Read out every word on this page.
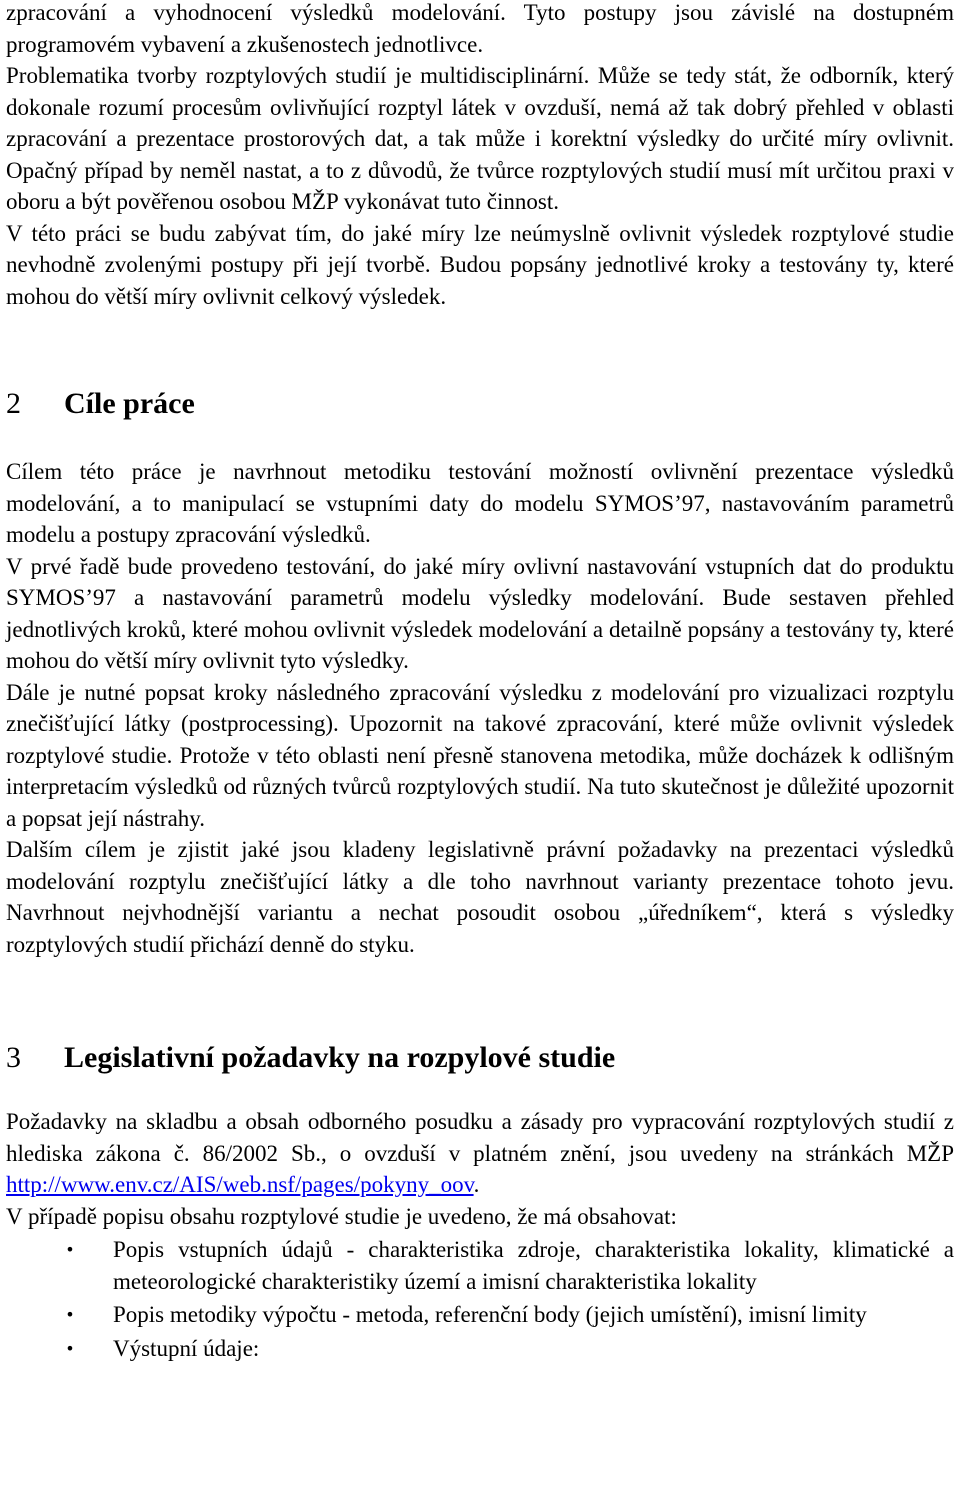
zpracování a vyhodnocení výsledků modelování. Tyto postupy jsou závislé na dostupném programovém vybavení a zkušenostech jednotlivce.

Problematika tvorby rozptylových studií je multidisciplinární. Může se tedy stát, že odborník, který dokonale rozumí procesům ovlivňující rozptyl látek v ovzduší, nemá až tak dobrý přehled v oblasti zpracování a prezentace prostorových dat, a tak může i korektní výsledky do určité míry ovlivnit. Opačný případ by neměl nastat, a to z důvodů, že tvůrce rozptylových studií musí mít určitou praxi v oboru a být pověřenou osobou MŽP vykonávat tuto činnost.

V této práci se budu zabývat tím, do jaké míry lze neúmyslně ovlivnit výsledek rozptylové studie nevhodně zvolenými postupy při její tvorbě. Budou popsány jednotlivé kroky a testovány ty, které mohou do větší míry ovlivnit celkový výsledek.

2 Cíle práce

Cílem této práce je navrhnout metodiku testování možností ovlivnění prezentace výsledků modelování, a to manipulací se vstupními daty do modelu SYMOS’97, nastavováním parametrů modelu a postupy zpracování výsledků.

V prvé řadě bude provedeno testování, do jaké míry ovlivní nastavování vstupních dat do produktu SYMOS’97 a nastavování parametrů modelu výsledky modelování. Bude sestaven přehled jednotlivých kroků, které mohou ovlivnit výsledek modelování a detailně popsány a testovány ty, které mohou do větší míry ovlivnit tyto výsledky.

Dále je nutné popsat kroky následného zpracování výsledku z modelování pro vizualizaci rozptylu znečišťující látky (postprocessing). Upozornit na takové zpracování, které může ovlivnit výsledek rozptylové studie. Protože v této oblasti není přesně stanovena metodika, může docházek k odlišným interpretacím výsledků od různých tvůrců rozptylových studií. Na tuto skutečnost je důležité upozornit a popsat její nástrahy.

Dalším cílem je zjistit jaké jsou kladeny legislativně právní požadavky na prezentaci výsledků modelování rozptylu znečišťující látky a dle toho navrhnout varianty prezentace tohoto jevu. Navrhnout nejvhodnější variantu a nechat posoudit osobou „úředníkem“, která s výsledky rozptylových studií přichází denně do styku.

3 Legislativní požadavky na rozpylové studie

Požadavky na skladbu a obsah odborného posudku a zásady pro vypracování rozptylových studií z hlediska zákona č. 86/2002 Sb., o ovzduší v platném znění, jsou uvedeny na stránkách MŽP http://www.env.cz/AIS/web.nsf/pages/pokyny_oov.

V případě popisu obsahu rozptylové studie je uvedeno, že má obsahovat:

• Popis vstupních údajů - charakteristika zdroje, charakteristika lokality, klimatické a meteorologické charakteristiky území a imisní charakteristika lokality
• Popis metodiky výpočtu - metoda, referenční body (jejich umístění), imisní limity
• Výstupní údaje:
